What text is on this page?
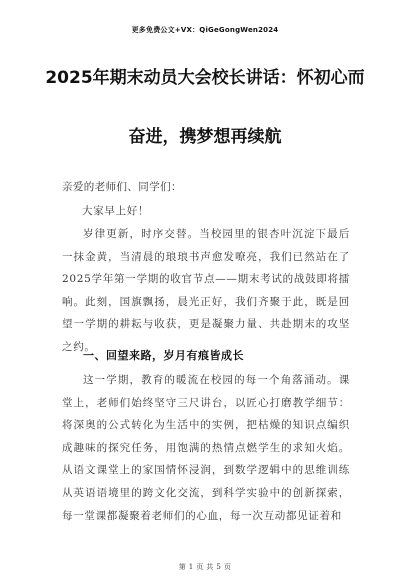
更多免费公文+VX：QiGeGongWen2024
2025年期末动员大会校长讲话：怀初心而
奋进，携梦想再续航
亲爱的老师们、同学们：
大家早上好！
岁律更新，时序交替。当校园里的银杏叶沉淀下最后一抹金黄，当清晨的琅琅书声愈发嘹亮，我们已然站在了2025学年第一学期的收官节点——期末考试的战鼓即将擂响。此刻，国旗飘扬，晨光正好，我们齐聚于此，既是回望一学期的耕耘与收获，更是凝聚力量、共赴期末的攻坚之约。
一、回望来路，岁月有痕皆成长
这一学期，教育的暖流在校园的每一个角落涌动。课堂上，老师们始终坚守三尺讲台，以匠心打磨教学细节：将深奥的公式转化为生活中的实例，把枯燥的知识点编织成趣味的探究任务，用饱满的热情点燃学生的求知火焰。从语文课堂上的家国情怀浸润，到数学逻辑中的思维训练从英语语境里的跨文化交流，到科学实验中的创新探索，每一堂课都凝聚着老师们的心血，每一次互动都见证着和
第 1 页 共 5 页
